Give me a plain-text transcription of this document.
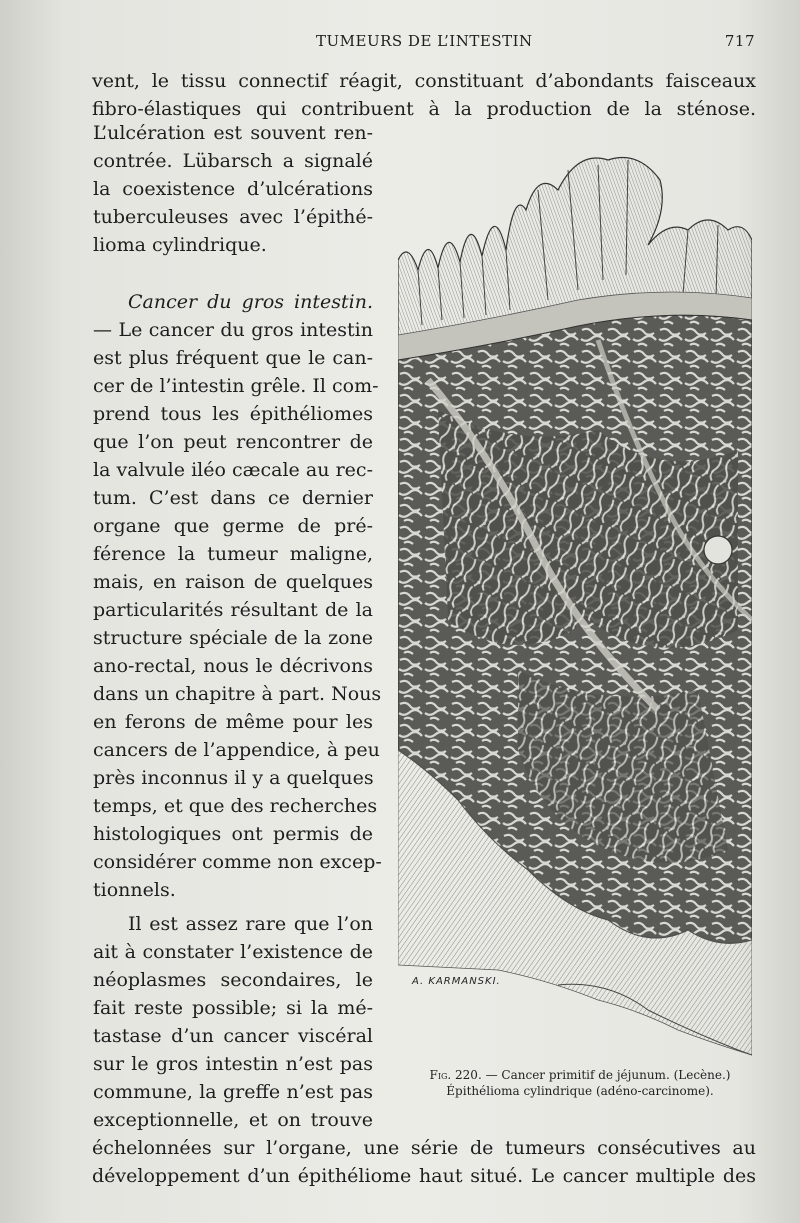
TUMEURS DE L’INTESTIN	717
vent, le tissu connectif réagit, constituant d’abondants faisceaux
fibro-élastiques qui contribuent à la production de la sténose.
L’ulcération est souvent ren-
contrée. Lübarsch a signalé
la coexistence d’ulcérations
tuberculeuses avec l’épithé-
lioma cylindrique.
Cancer du gros intestin.
— Le cancer du gros intestin
est plus fréquent que le can-
cer de l’intestin grêle. Il com-
prend tous les épithéliomes
que l’on peut rencontrer de
la valvule iléo cæcale au rec-
tum. C’est dans ce dernier
organe que germe de pré-
férence la tumeur maligne,
mais, en raison de quelques
particularités résultant de la
structure spéciale de la zone
ano-rectal, nous le décrivons
dans un chapitre à part. Nous
en ferons de même pour les
cancers de l’appendice, à peu
près inconnus il y a quelques
temps, et que des recherches
histologiques ont permis de
considérer comme non excep-
tionnels.
Il est assez rare que l’on
ait à constater l’existence de
néoplasmes secondaires, le
fait reste possible; si la mé-
tastase d’un cancer viscéral
sur le gros intestin n’est pas
commune, la greffe n’est pas
exceptionnelle, et on trouve
échelonnées sur l’organe, une série de tumeurs consécutives au
développement d’un épithéliome haut situé. Le cancer multiple des
A. KARMANSKI.
Fig. 220. — Cancer primitif de jéjunum. (Lecène.)
Épithélioma cylindrique (adéno-carcinome).
